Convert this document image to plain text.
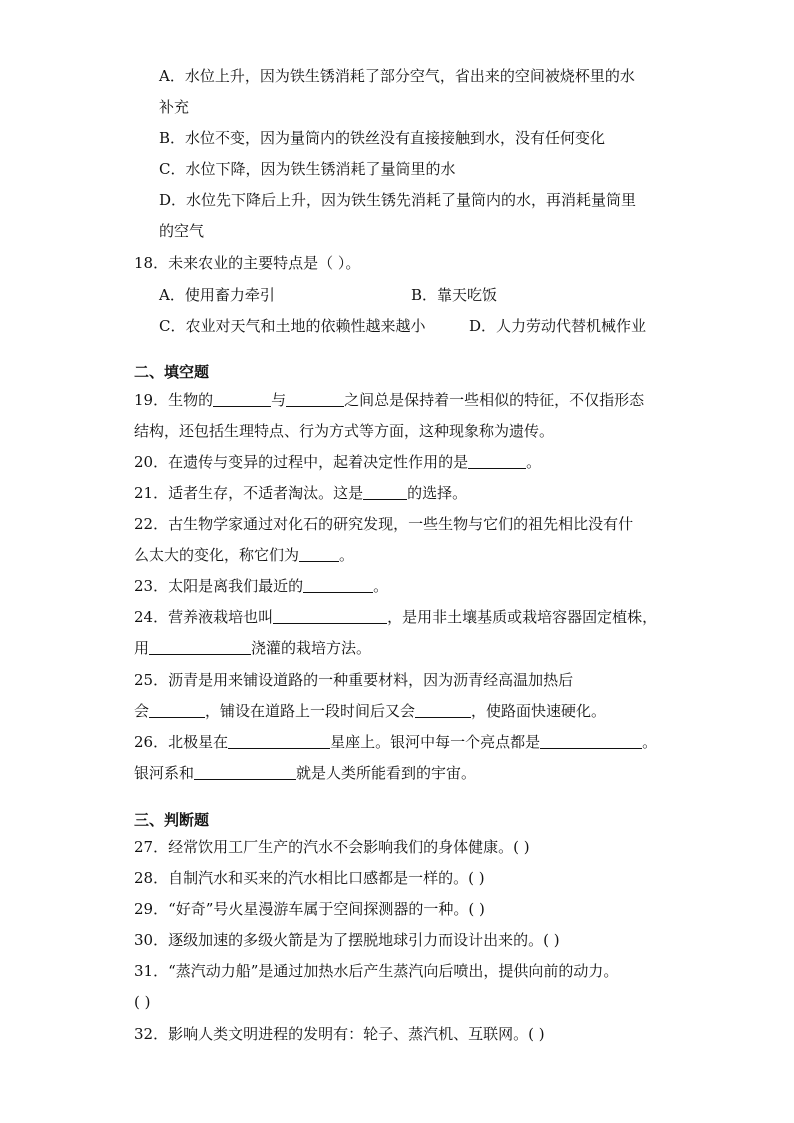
A．水位上升，因为铁生锈消耗了部分空气，省出来的空间被烧杯里的水
补充
B．水位不变，因为量筒内的铁丝没有直接接触到水，没有任何变化
C．水位下降，因为铁生锈消耗了量筒里的水
D．水位先下降后上升，因为铁生锈先消耗了量筒内的水，再消耗量筒里
的空气
18．未来农业的主要特点是（ ）。
A．使用畜力牵引	B．靠天吃饭
C．农业对天气和土地的依赖性越来越小	D．人力劳动代替机械作业
二、填空题
19．生物的	与	之间总是保持着一些相似的特征，不仅指形态
结构，还包括生理特点、行为方式等方面，这种现象称为遗传。
20．在遗传与变异的过程中，起着决定性作用的是	。
21．适者生存，不适者淘汰。这是	的选择。
22．古生物学家通过对化石的研究发现，一些生物与它们的祖先相比没有什
么太大的变化，称它们为	。
23．太阳是离我们最近的	。
24．营养液栽培也叫	，是用非土壤基质或栽培容器固定植株，
用	浇灌的栽培方法。
25．沥青是用来铺设道路的一种重要材料，因为沥青经高温加热后
会	，铺设在道路上一段时间后又会	，使路面快速硬化。
26．北极星在	星座上。银河中每一个亮点都是	。
银河系和	就是人类所能看到的宇宙。
三、判断题
27．经常饮用工厂生产的汽水不会影响我们的身体健康。( )
28．自制汽水和买来的汽水相比口感都是一样的。( )
29．“好奇”号火星漫游车属于空间探测器的一种。( )
30．逐级加速的多级火箭是为了摆脱地球引力而设计出来的。( )
31．“蒸汽动力船”是通过加热水后产生蒸汽向后喷出，提供向前的动力。
( )
32．影响人类文明进程的发明有：轮子、蒸汽机、互联网。( )
